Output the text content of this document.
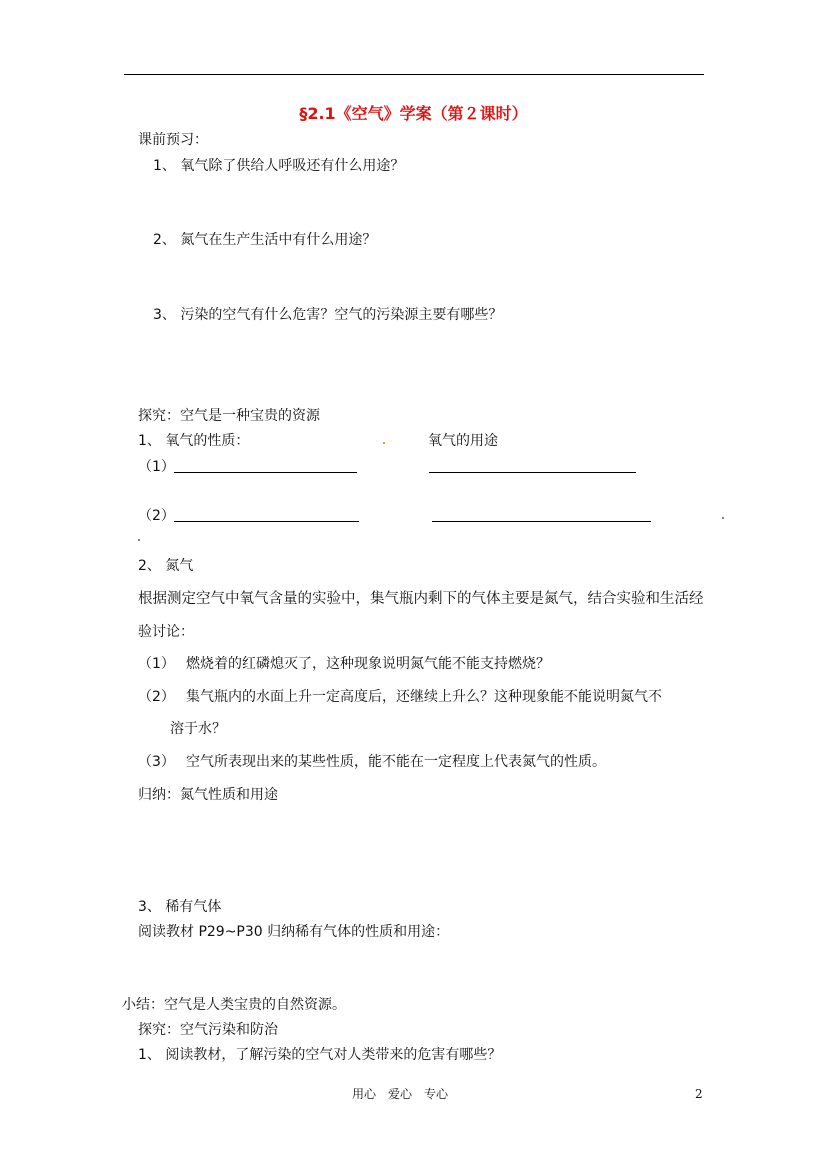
§2.1《空气》学案（第２课时）
课前预习：
1、 氧气除了供给人呼吸还有什么用途？
2、 氮气在生产生活中有什么用途？
3、 污染的空气有什么危害？空气的污染源主要有哪些？
探究：空气是一种宝贵的资源
1、 氧气的性质：	氧气的用途
（1）
（2）
2、 氮气
根据测定空气中氧气含量的实验中，集气瓶内剩下的气体主要是氮气，结合实验和生活经
验讨论：
（1） 燃烧着的红磷熄灭了，这种现象说明氮气能不能支持燃烧？
（2） 集气瓶内的水面上升一定高度后，还继续上升么？这种现象能不能说明氮气不
溶于水？
（3） 空气所表现出来的某些性质，能不能在一定程度上代表氮气的性质。
归纳：氮气性质和用途
3、 稀有气体
阅读教材 P29~P30 归纳稀有气体的性质和用途：
小结：空气是人类宝贵的自然资源。
探究：空气污染和防治
1、 阅读教材，了解污染的空气对人类带来的危害有哪些？
用心　爱心　专心	2
